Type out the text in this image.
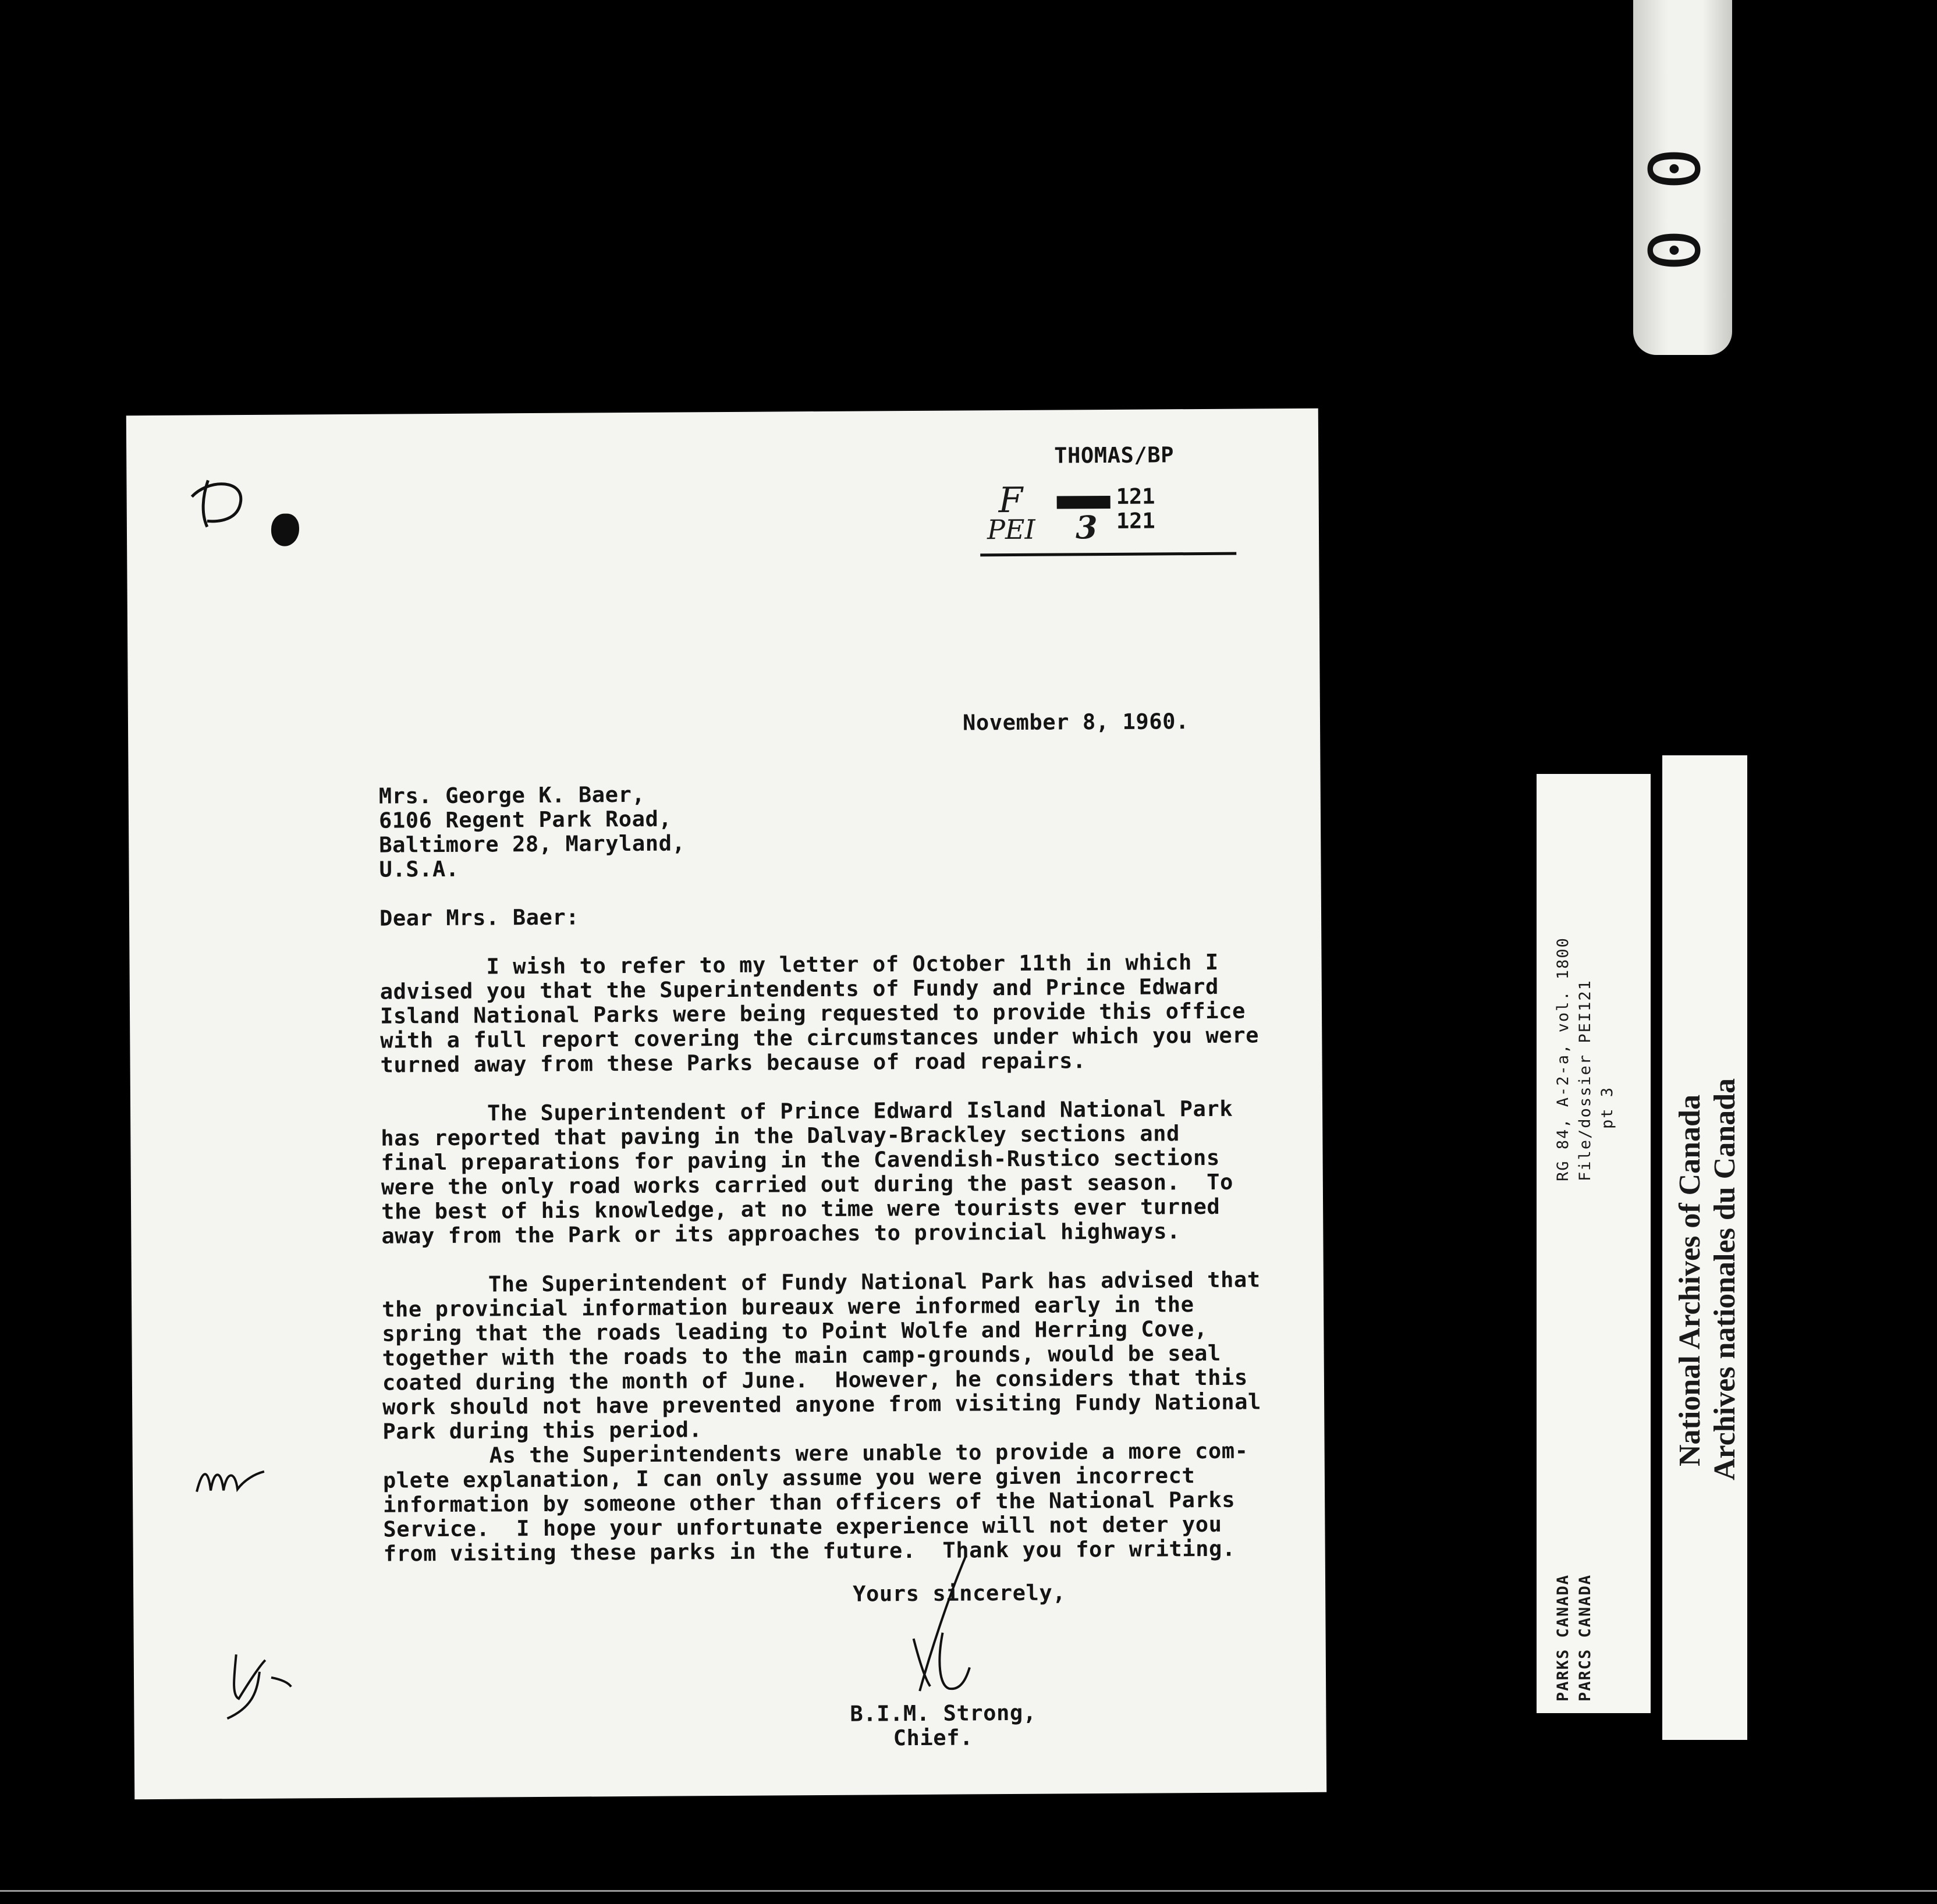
0
0
THOMAS/BP
F	121
PEI 3 121
November 8, 1960.
Mrs. George K. Baer,
6106 Regent Park Road,
Baltimore 28, Maryland,
U.S.A.
Dear Mrs. Baer:
I wish to refer to my letter of October 11th in which I
advised you that the Superintendents of Fundy and Prince Edward
Island National Parks were being requested to provide this office
with a full report covering the circumstances under which you were
turned away from these Parks because of road repairs.
The Superintendent of Prince Edward Island National Park
has reported that paving in the Dalvay-Brackley sections and
final preparations for paving in the Cavendish-Rustico sections
were the only road works carried out during the past season.  To
the best of his knowledge, at no time were tourists ever turned
away from the Park or its approaches to provincial highways.
The Superintendent of Fundy National Park has advised that
the provincial information bureaux were informed early in the
spring that the roads leading to Point Wolfe and Herring Cove,
together with the roads to the main camp-grounds, would be seal
coated during the month of June.  However, he considers that this
work should not have prevented anyone from visiting Fundy National
Park during this period.
As the Superintendents were unable to provide a more com-
plete explanation, I can only assume you were given incorrect
information by someone other than officers of the National Parks
Service.  I hope your unfortunate experience will not deter you
from visiting these parks in the future.  Thank you for writing.
Yours sincerely,
B.I.M. Strong,
Chief.
RG 84, A-2-a, vol. 1800 File/dossier PEI121 pt 3
PARKS CANADA PARCS CANADA
National Archives of Canada Archives nationales du Canada
